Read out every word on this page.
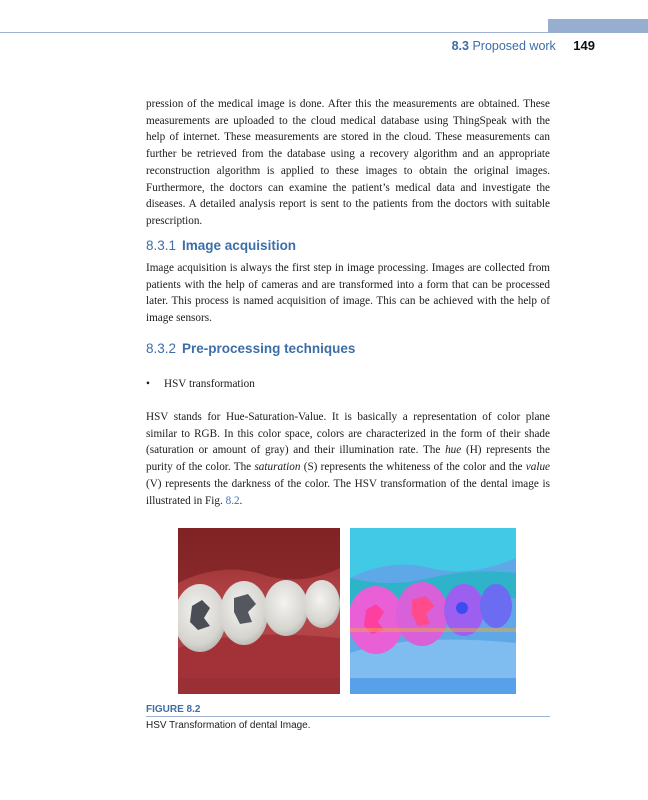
8.3 Proposed work 149

pression of the medical image is done. After this the measurements are obtained. These measurements are uploaded to the cloud medical database using ThingSpeak with the help of internet. These measurements are stored in the cloud. These measurements can further be retrieved from the database using a recovery algorithm and an appropriate reconstruction algorithm is applied to these images to obtain the original images. Furthermore, the doctors can examine the patient’s medical data and investigate the diseases. A detailed analysis report is sent to the patients from the doctors with suitable prescription.

8.3.1 Image acquisition

Image acquisition is always the first step in image processing. Images are collected from patients with the help of cameras and are transformed into a form that can be processed later. This process is named acquisition of image. This can be achieved with the help of image sensors.

8.3.2 Pre-processing techniques
• HSV transformation

HSV stands for Hue-Saturation-Value. It is basically a representation of color plane similar to RGB. In this color space, colors are characterized in the form of their shade (saturation or amount of gray) and their illumination rate. The hue (H) represents the purity of the color. The saturation (S) represents the whiteness of the color and the value (V) represents the darkness of the color. The HSV transformation of the dental image is illustrated in Fig. 8.2.

FIGURE 8.2
HSV Transformation of dental Image.
